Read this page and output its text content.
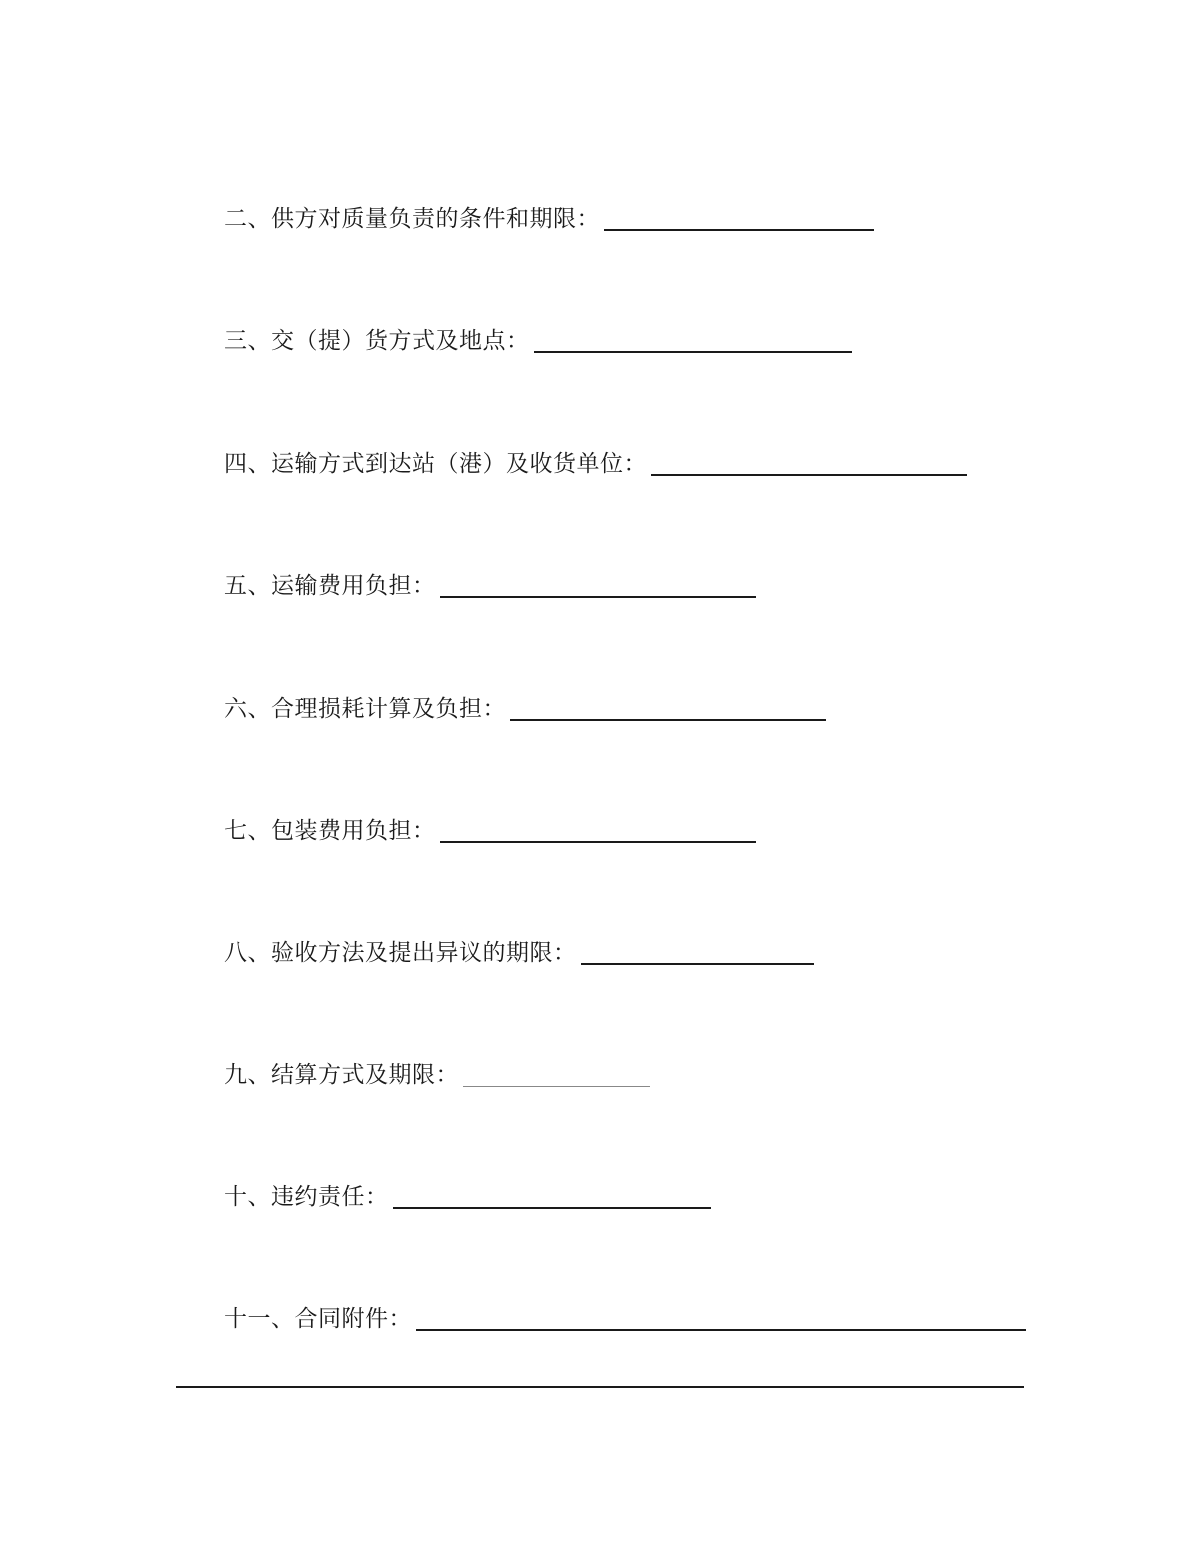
二、供方对质量负责的条件和期限：
三、交（提）货方式及地点：
四、运输方式到达站（港）及收货单位：
五、运输费用负担：
六、合理损耗计算及负担：
七、包装费用负担：
八、验收方法及提出异议的期限：
九、结算方式及期限：
十、违约责任：
十一、合同附件：
